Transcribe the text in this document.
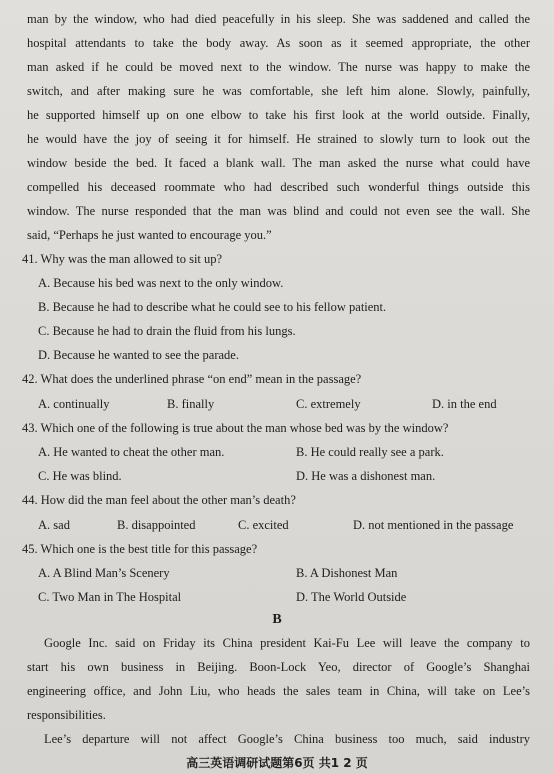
man by the window, who had died peacefully in his sleep. She was saddened and called the
hospital attendants to take the body away. As soon as it seemed appropriate, the other
man asked if he could be moved next to the window. The nurse was happy to make the
switch, and after making sure he was comfortable, she left him alone. Slowly, painfully,
he supported himself up on one elbow to take his first look at the world outside. Finally,
he would have the joy of seeing it for himself. He strained to slowly turn to look out the
window beside the bed. It faced a blank wall. The man asked the nurse what could have
compelled his deceased roommate who had described such wonderful things outside this
window. The nurse responded that the man was blind and could not even see the wall. She
said, “Perhaps he just wanted to encourage you.”
41. Why was the man allowed to sit up?
A. Because his bed was next to the only window.
B. Because he had to describe what he could see to his fellow patient.
C. Because he had to drain the fluid from his lungs.
D. Because he wanted to see the parade.
42. What does the underlined phrase “on end” mean in the passage?
A. continually	B. finally	C. extremely	D. in the end
43. Which one of the following is true about the man whose bed was by the window?
A. He wanted to cheat the other man.	B. He could really see a park.
C. He was blind.	D. He was a dishonest man.
44. How did the man feel about the other man’s death?
A. sad	B. disappointed	C. excited	D. not mentioned in the passage
45. Which one is the best title for this passage?
A. A Blind Man’s Scenery	B. A Dishonest Man
C. Two Man in The Hospital	D. The World Outside
B
Google Inc. said on Friday its China president Kai-Fu Lee will leave the company to
start his own business in Beijing. Boon-Lock Yeo, director of Google’s Shanghai
engineering office, and John Liu, who heads the sales team in China, will take on Lee’s
responsibilities.
Lee’s departure will not affect Google’s China business too much, said industry
高三英语调研试题第6页 共1 2 页
